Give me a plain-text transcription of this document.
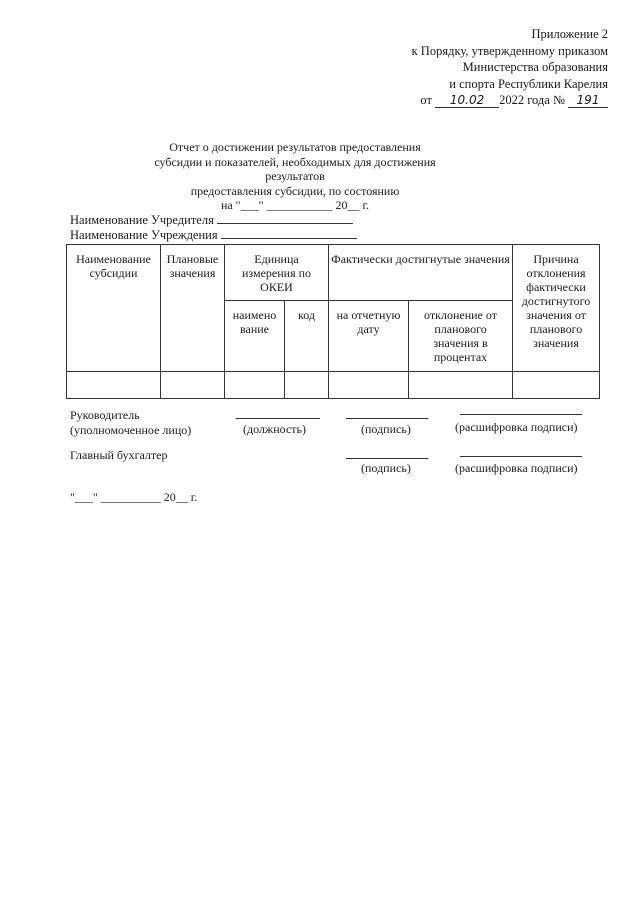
Приложение 2
к Порядку, утвержденному приказом
Министерства образования
и спорта Республики Карелия
от 10.02 2022 года № 191
Отчет о достижении результатов предоставления
субсидии и показателей, необходимых для достижения результатов
предоставления субсидии, по состоянию
на "___" ___________ 20__ г.
Наименование Учредителя
Наименование Учреждения
Наименование субсидии	Плановые значения	Единица измерения по ОКЕИ		Фактически достигнутые значения		Причина отклонения фактически достигнутого значения от планового значения
		наимено вание	код	на отчетную дату	отклонение от планового значения в процентах	

Руководитель
(уполномоченное лицо)	(должность)	(подпись)	(расшифровка подписи)
Главный бухгалтер
(подпись)	(расшифровка подписи)
"___" __________ 20__ г.
